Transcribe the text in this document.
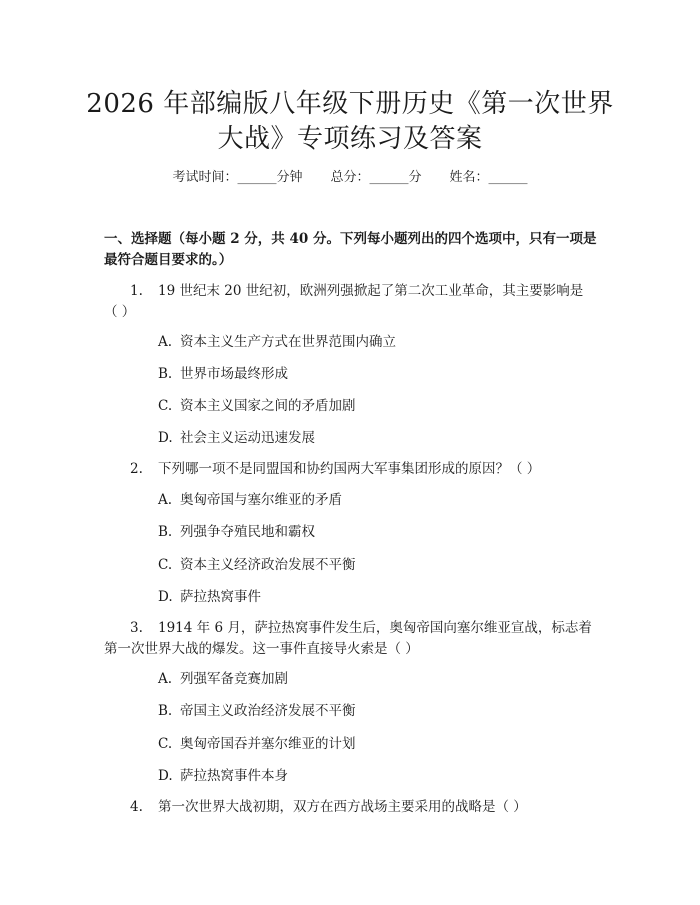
2026 年部编版八年级下册历史《第一次世界
大战》专项练习及答案
考试时间：______分钟 总分：______分 姓名：______

一、选择题（每小题 2 分，共 40 分。下列每小题列出的四个选项中，只有一项是

最符合题目要求的。）

1.	19 世纪末 20 世纪初，欧洲列强掀起了第二次工业革命，其主要影响是
（ ）
A. 资本主义生产方式在世界范围内确立
B. 世界市场最终形成
C. 资本主义国家之间的矛盾加剧
D. 社会主义运动迅速发展
2.	下列哪一项不是同盟国和协约国两大军事集团形成的原因？（ ）
A. 奥匈帝国与塞尔维亚的矛盾
B. 列强争夺殖民地和霸权
C. 资本主义经济政治发展不平衡
D. 萨拉热窝事件
3.	1914 年 6 月，萨拉热窝事件发生后，奥匈帝国向塞尔维亚宣战，标志着
第一次世界大战的爆发。这一事件直接导火索是（ ）
A. 列强军备竞赛加剧
B. 帝国主义政治经济发展不平衡
C. 奥匈帝国吞并塞尔维亚的计划
D. 萨拉热窝事件本身
4.	第一次世界大战初期，双方在西方战场主要采用的战略是（ ）
